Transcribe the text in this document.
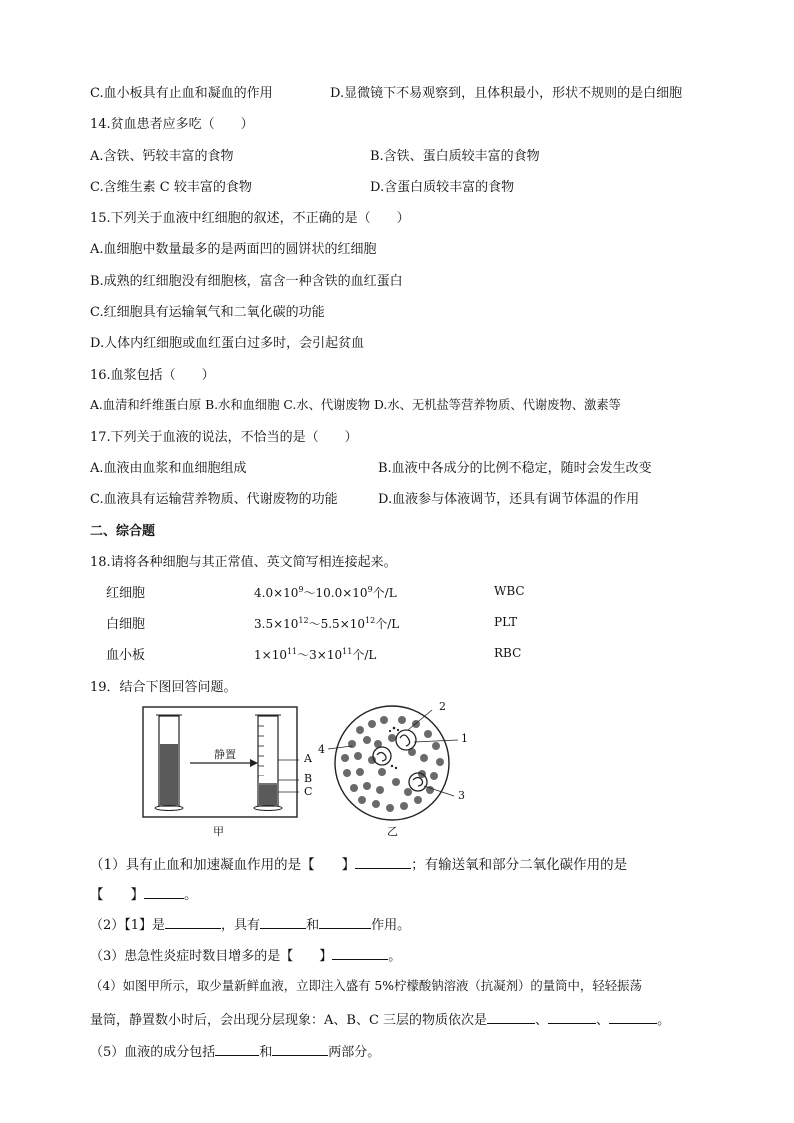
C.血小板具有止血和凝血的作用	D.显微镜下不易观察到，且体积最小，形状不规则的是白细胞
14.贫血患者应多吃（　　）
A.含铁、钙较丰富的食物	B.含铁、蛋白质较丰富的食物
C.含维生素 C 较丰富的食物	D.含蛋白质较丰富的食物
15.下列关于血液中红细胞的叙述，不正确的是（　　）
A.血细胞中数量最多的是两面凹的圆饼状的红细胞
B.成熟的红细胞没有细胞核，富含一种含铁的血红蛋白
C.红细胞具有运输氧气和二氧化碳的功能
D.人体内红细胞或血红蛋白过多时，会引起贫血
16.血浆包括（　　）
A.血清和纤维蛋白原 B.水和血细胞 C.水、代谢废物 D.水、无机盐等营养物质、代谢废物、激素等
17.下列关于血液的说法，不恰当的是（　　）
A.血液由血浆和血细胞组成	B.血液中各成分的比例不稳定，随时会发生改变
C.血液具有运输营养物质、代谢废物的功能	D.血液参与体液调节，还具有调节体温的作用
二、综合题
18.请将各种细胞与其正常值、英文简写相连接起来。
红细胞	$4.0\times 10^9\sim 10.0\times 10^9$个/L	WBC
白细胞	$3.5\times 10^{12}\sim 5.5\times 10^{12}$个/L	PLT
血小板	$1\times 10^{11}\sim 3\times 10^{11}$个/L	RBC
19．结合下图回答问题。
静置	A
B
C
甲
2
1
3
4
乙
（1）具有止血和加速凝血作用的是【　　】	；有输送氧和部分二氧化碳作用的是
【　　】	。
（2）【1】是	，具有	和	作用。
（3）患急性炎症时数目增多的是【　　】	。
（4）如图甲所示，取少量新鲜血液，立即注入盛有 5%柠檬酸钠溶液（抗凝剂）的量筒中，轻轻振荡
量筒，静置数小时后，会出现分层现象：A、B、C 三层的物质依次是	、	、	。
（5）血液的成分包括	和	两部分。
